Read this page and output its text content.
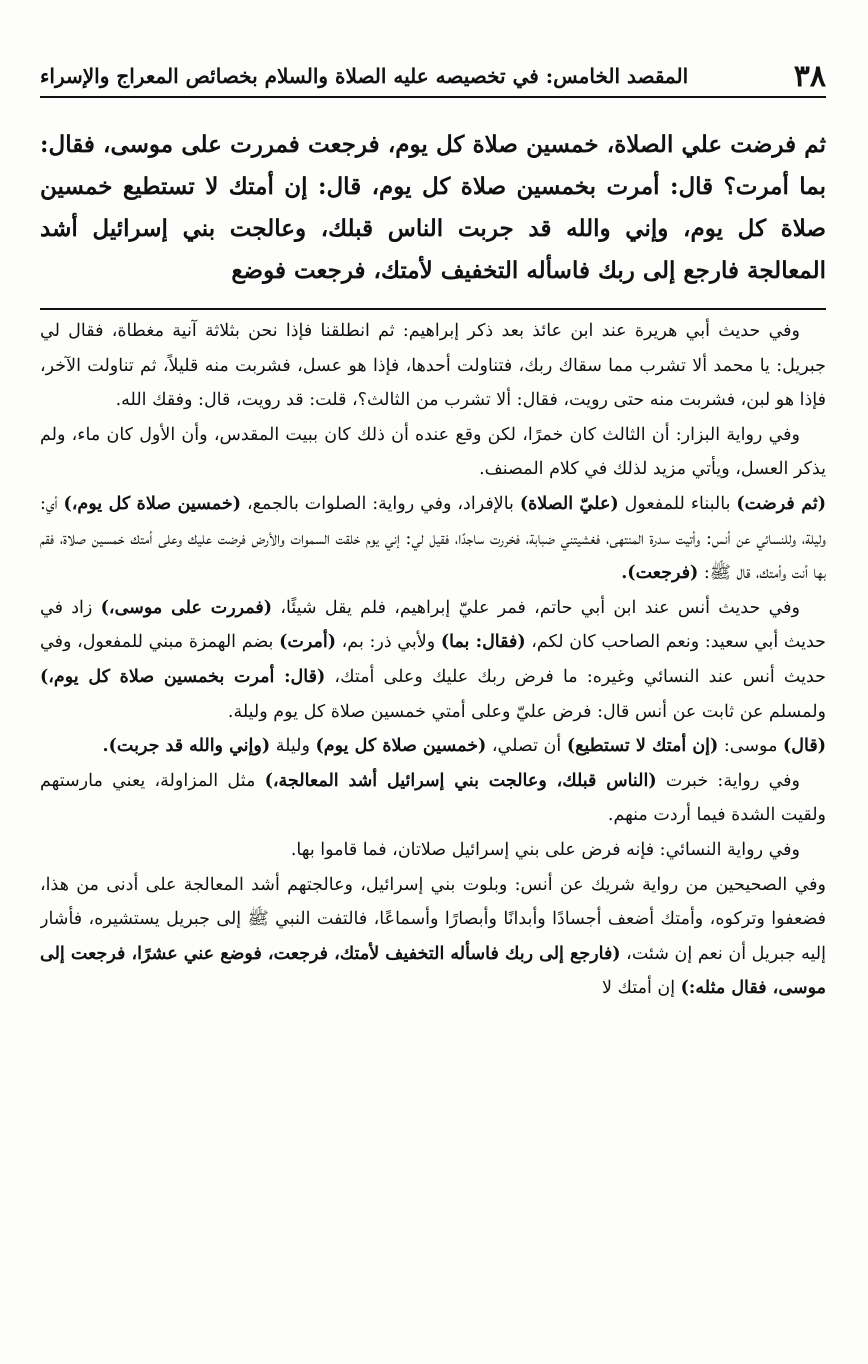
٣٨
المقصد الخامس: في تخصيصه عليه الصلاة والسلام بخصائص المعراج والإسراء
ثم فرضت علي الصلاة، خمسين صلاة كل يوم، فرجعت فمررت على موسى، فقال: بما أمرت؟ قال: أمرت بخمسين صلاة كل يوم، قال: إن أمتك لا تستطيع خمسين صلاة كل يوم، وإني والله قد جربت الناس قبلك، وعالجت بني إسرائيل أشد المعالجة فارجع إلى ربك فاسأله التخفيف لأمتك، فرجعت فوضع

وفي حديث أبي هريرة عند ابن عائذ بعد ذكر إبراهيم: ثم انطلقنا فإذا نحن بثلاثة آنية مغطاة، فقال لي جبريل: يا محمد ألا تشرب مما سقاك ربك، فتناولت أحدها، فإذا هو عسل، فشربت منه قليلاً، ثم تناولت الآخر، فإذا هو لبن، فشربت منه حتى رويت، فقال: ألا تشرب من الثالث؟، قلت: قد رويت، قال: وفقك الله.

وفي رواية البزار: أن الثالث كان خمرًا، لكن وقع عنده أن ذلك كان ببيت المقدس، وأن الأول كان ماء، ولم يذكر العسل، ويأتي مزيد لذلك في كلام المصنف.

(ثم فرضت) بالبناء للمفعول (عليّ الصلاة) بالإفراد، وفي رواية: الصلوات بالجمع، (خمسين صلاة كل يوم،) أي: وليلة، وللنسائي عن أنس: وأتيت سدرة المنتهى، فغشيتني ضبابة، فخررت ساجدًا، فقيل لي: إني يوم خلقت السموات والأرض فرضت عليك وعلى أمتك خمسين صلاة، فقم بها أنت وأمتك، قال ﷺ: (فرجعت).

وفي حديث أنس عند ابن أبي حاتم، فمر عليّ إبراهيم، فلم يقل شيئًا، (فمررت على موسى،) زاد في حديث أبي سعيد: ونعم الصاحب كان لكم، (فقال: بما) ولأبي ذر: بم، (أمرت) بضم الهمزة مبني للمفعول، وفي حديث أنس عند النسائي وغيره: ما فرض ربك عليك وعلى أمتك، (قال: أمرت بخمسين صلاة كل يوم،) ولمسلم عن ثابت عن أنس قال: فرض عليّ وعلى أمتي خمسين صلاة كل يوم وليلة.

(قال) موسى: (إن أمتك لا تستطيع) أن تصلي، (خمسين صلاة كل يوم) وليلة (وإني والله قد جربت).

وفي رواية: خبرت (الناس قبلك، وعالجت بني إسرائيل أشد المعالجة،) مثل المزاولة، يعني مارستهم ولقيت الشدة فيما أردت منهم.

وفي رواية النسائي: فإنه فرض على بني إسرائيل صلاتان، فما قاموا بها.

وفي الصحيحين من رواية شريك عن أنس: وبلوت بني إسرائيل، وعالجتهم أشد المعالجة على أدنى من هذا، فضعفوا وتركوه، وأمتك أضعف أجسادًا وأبدانًا وأبصارًا وأسماعًا، فالتفت النبي ﷺ إلى جبريل يستشيره، فأشار إليه جبريل أن نعم إن شئت، (فارجع إلى ربك فاسأله التخفيف لأمتك، فرجعت، فوضع عني عشرًا، فرجعت إلى موسى، فقال مثله:) إن أمتك لا
